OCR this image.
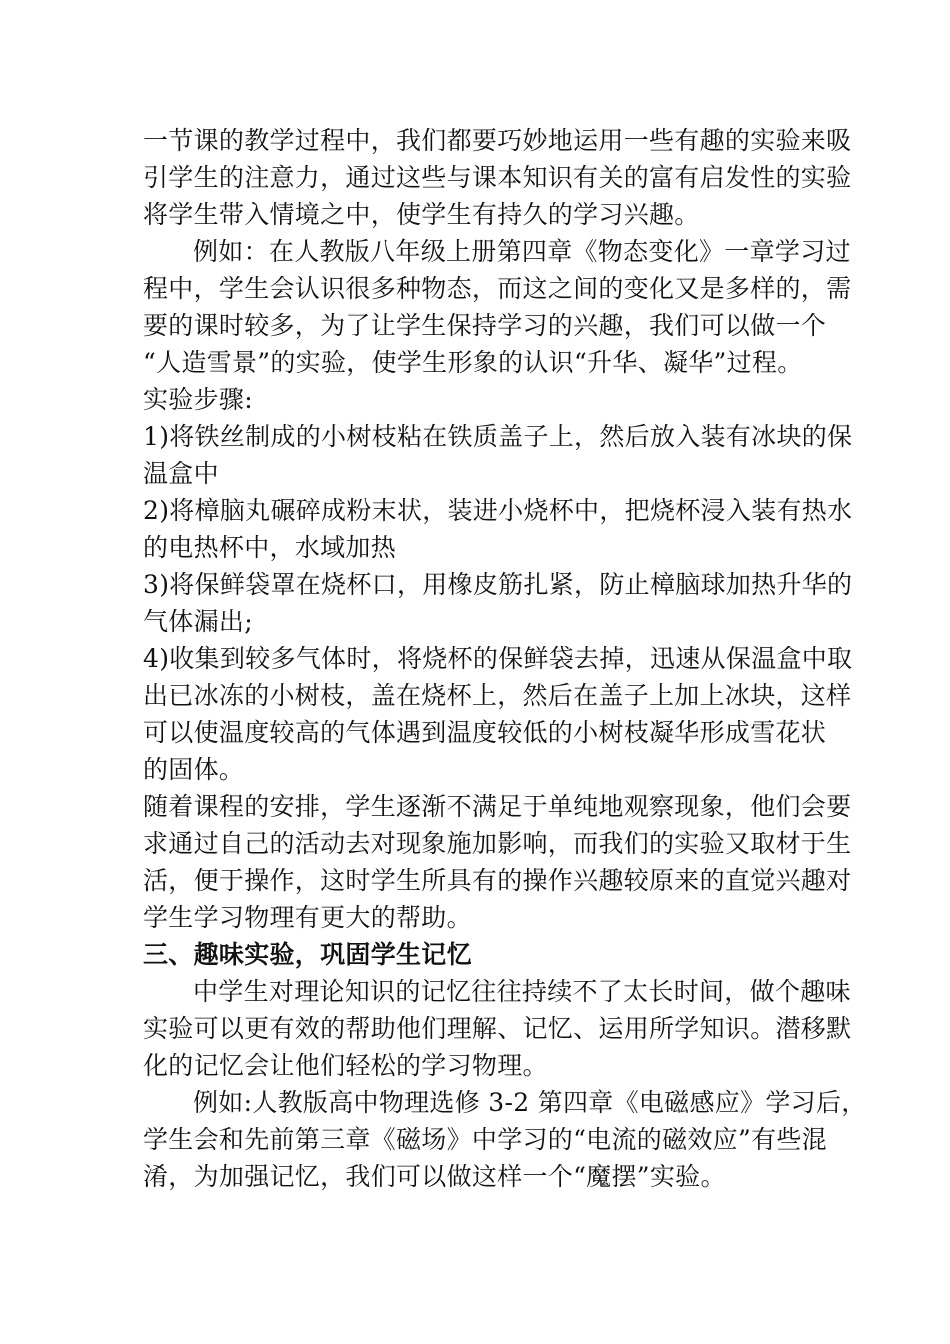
一节课的教学过程中，我们都要巧妙地运用一些有趣的实验来吸
引学生的注意力，通过这些与课本知识有关的富有启发性的实验
将学生带入情境之中，使学生有持久的学习兴趣。
例如：在人教版八年级上册第四章《物态变化》一章学习过
程中，学生会认识很多种物态，而这之间的变化又是多样的，需
要的课时较多，为了让学生保持学习的兴趣，我们可以做一个
“人造雪景”的实验，使学生形象的认识“升华、凝华”过程。
实验步骤:
1)将铁丝制成的小树枝粘在铁质盖子上，然后放入装有冰块的保
温盒中
2)将樟脑丸碾碎成粉末状，装进小烧杯中，把烧杯浸入装有热水
的电热杯中，水域加热
3)将保鲜袋罩在烧杯口，用橡皮筋扎紧，防止樟脑球加热升华的
气体漏出;
4)收集到较多气体时，将烧杯的保鲜袋去掉，迅速从保温盒中取
出已冰冻的小树枝，盖在烧杯上，然后在盖子上加上冰块，这样
可以使温度较高的气体遇到温度较低的小树枝凝华形成雪花状
的固体。
随着课程的安排，学生逐渐不满足于单纯地观察现象，他们会要
求通过自己的活动去对现象施加影响，而我们的实验又取材于生
活，便于操作，这时学生所具有的操作兴趣较原来的直觉兴趣对
学生学习物理有更大的帮助。
三、趣味实验，巩固学生记忆
中学生对理论知识的记忆往往持续不了太长时间，做个趣味
实验可以更有效的帮助他们理解、记忆、运用所学知识。潜移默
化的记忆会让他们轻松的学习物理。
例如:人教版高中物理选修 3-2 第四章《电磁感应》学习后，
学生会和先前第三章《磁场》中学习的“电流的磁效应”有些混
淆，为加强记忆，我们可以做这样一个“魔摆”实验。
